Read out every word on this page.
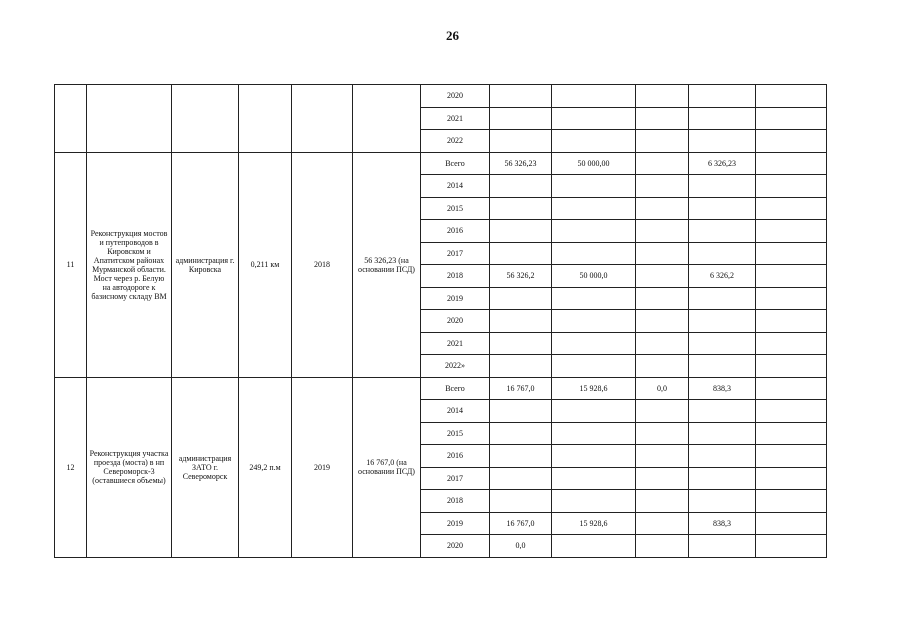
26
						2020					
						2021					
						2022					
11	Реконструкция мостов и путепроводов в Кировском и Апатитском районах Мурманской области. Мост через р. Белую на автодороге к базисному складу ВМ	администрация г. Кировска	0,211 км	2018	56 326,23 (на основании ПСД)	Всего	56 326,23	50 000,00		6 326,23	
						2014					
						2015					
						2016					
						2017					
						2018	56 326,2	50 000,0		6 326,2	
						2019					
						2020					
						2021					
						2022»					
12	Реконструкция участка проезда (моста) в нп Североморск-3 (оставшиеся объемы)	администрация ЗАТО г. Североморск	249,2 п.м	2019	16 767,0 (на основании ПСД)	Всего	16 767,0	15 928,6	0,0	838,3	
						2014					
						2015					
						2016					
						2017					
						2018					
						2019	16 767,0	15 928,6		838,3	
						2020	0,0				
